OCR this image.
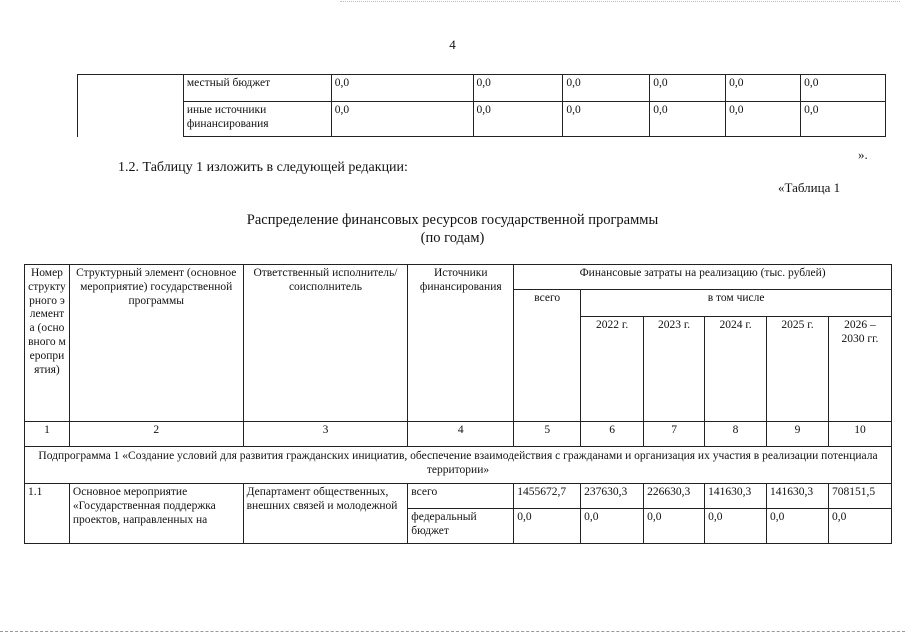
4
	местный бюджет	0,0	0,0	0,0	0,0	0,0	0,0
	иные источники финансирования	0,0	0,0	0,0	0,0	0,0	0,0
».
1.2. Таблицу 1 изложить в следующей редакции:
«Таблица 1
Распределение финансовых ресурсов государственной программы
(по годам)
Номер структурного элемента (основного мероприятия)	Структурный элемент (основное мероприятие) государственной программы	Ответственный исполнитель/соисполнитель	Источники финансирования	Финансовые затраты на реализацию (тыс. рублей)					
				всего	в том числе				
					2022 г.	2023 г.	2024 г.	2025 г.	2026 – 2030 гг.
1	2	3	4	5	6	7	8	9	10
Подпрограмма 1 «Создание условий для развития гражданских инициатив, обеспечение взаимодействия с гражданами и организация их участия в реализации потенциала территории»									
1.1	Основное мероприятие «Государственная поддержка проектов, направленных на	Департамент общественных, внешних связей и молодежной	всего	1455672,7	237630,3	226630,3	141630,3	141630,3	708151,5
			федеральный бюджет	0,0	0,0	0,0	0,0	0,0	0,0
